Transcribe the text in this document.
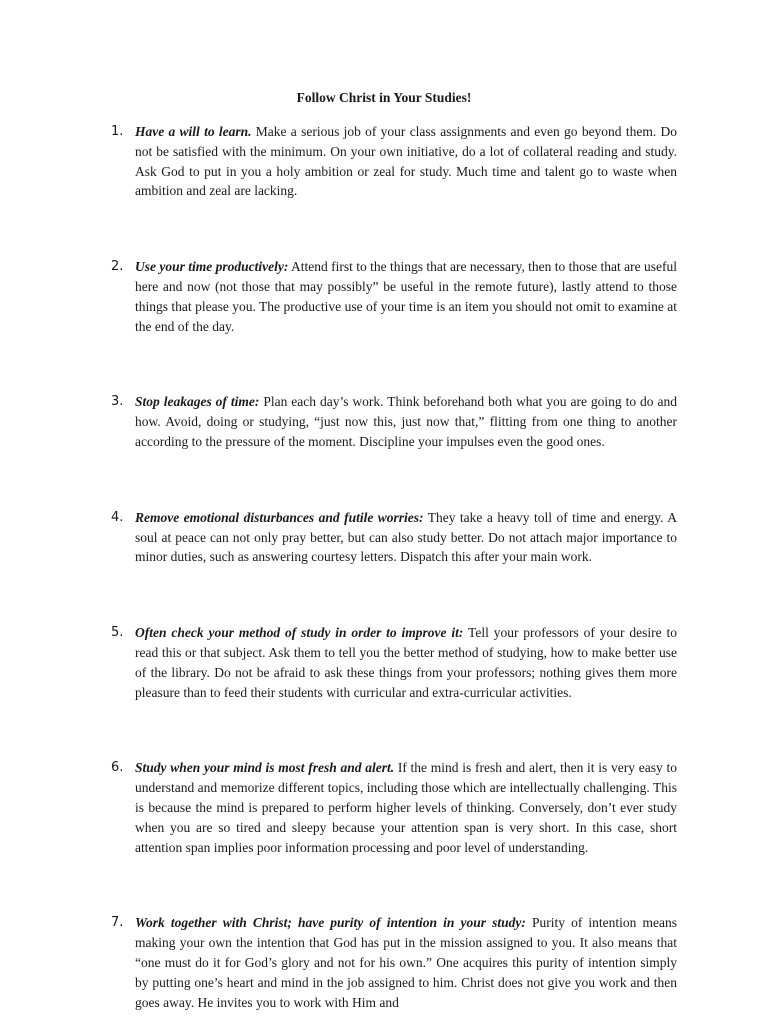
Follow Christ in Your Studies!
1. Have a will to learn. Make a serious job of your class assignments and even go beyond them. Do not be satisfied with the minimum. On your own initiative, do a lot of collateral reading and study. Ask God to put in you a holy ambition or zeal for study. Much time and talent go to waste when ambition and zeal are lacking.
2. Use your time productively: Attend first to the things that are necessary, then to those that are useful here and now (not those that may possibly” be useful in the remote future), lastly attend to those things that please you. The productive use of your time is an item you should not omit to examine at the end of the day.
3. Stop leakages of time: Plan each day’s work. Think beforehand both what you are going to do and how. Avoid, doing or studying, “just now this, just now that,” flitting from one thing to another according to the pressure of the moment. Discipline your impulses even the good ones.
4. Remove emotional disturbances and futile worries: They take a heavy toll of time and energy. A soul at peace can not only pray better, but can also study better. Do not attach major importance to minor duties, such as answering courtesy letters. Dispatch this after your main work.
5. Often check your method of study in order to improve it: Tell your professors of your desire to read this or that subject. Ask them to tell you the better method of studying, how to make better use of the library. Do not be afraid to ask these things from your professors; nothing gives them more pleasure than to feed their students with curricular and extra-curricular activities.
6. Study when your mind is most fresh and alert. If the mind is fresh and alert, then it is very easy to understand and memorize different topics, including those which are intellectually challenging. This is because the mind is prepared to perform higher levels of thinking. Conversely, don’t ever study when you are so tired and sleepy because your attention span is very short. In this case, short attention span implies poor information processing and poor level of understanding.
7. Work together with Christ; have purity of intention in your study: Purity of intention means making your own the intention that God has put in the mission assigned to you. It also means that “one must do it for God’s glory and not for his own.” One acquires this purity of intention simply by putting one’s heart and mind in the job assigned to him. Christ does not give you work and then goes away. He invites you to work with Him and
